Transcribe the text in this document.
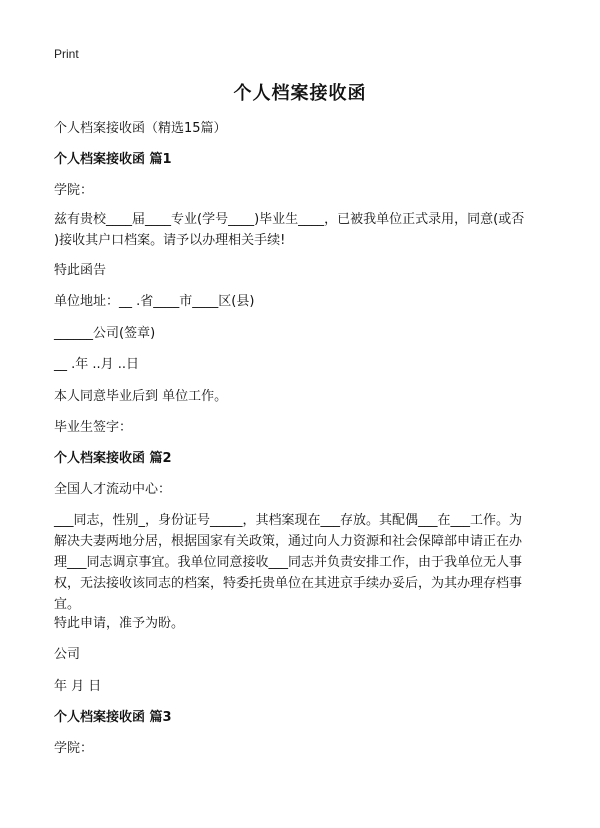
Print
个人档案接收函
个人档案接收函（精选15篇）
个人档案接收函 篇1
学院：
兹有贵校____届____专业(学号____)毕业生____，已被我单位正式录用，同意(或否
)接收其户口档案。请予以办理相关手续!
特此函告
单位地址：__ .省____市____区(县)
______公司(签章)
__ .年 ..月 ..日
本人同意毕业后到 单位工作。
毕业生签字：
个人档案接收函 篇2
全国人才流动中心：
___同志，性别_，身份证号_____，其档案现在___存放。其配偶___在___工作。为
解决夫妻两地分居，根据国家有关政策，通过向人力资源和社会保障部申请正在办
理___同志调京事宜。我单位同意接收___同志并负责安排工作，由于我单位无人事
权，无法接收该同志的档案，特委托贵单位在其进京手续办妥后，为其办理存档事
宜。
特此申请，准予为盼。
公司
年 月 日
个人档案接收函 篇3
学院：
